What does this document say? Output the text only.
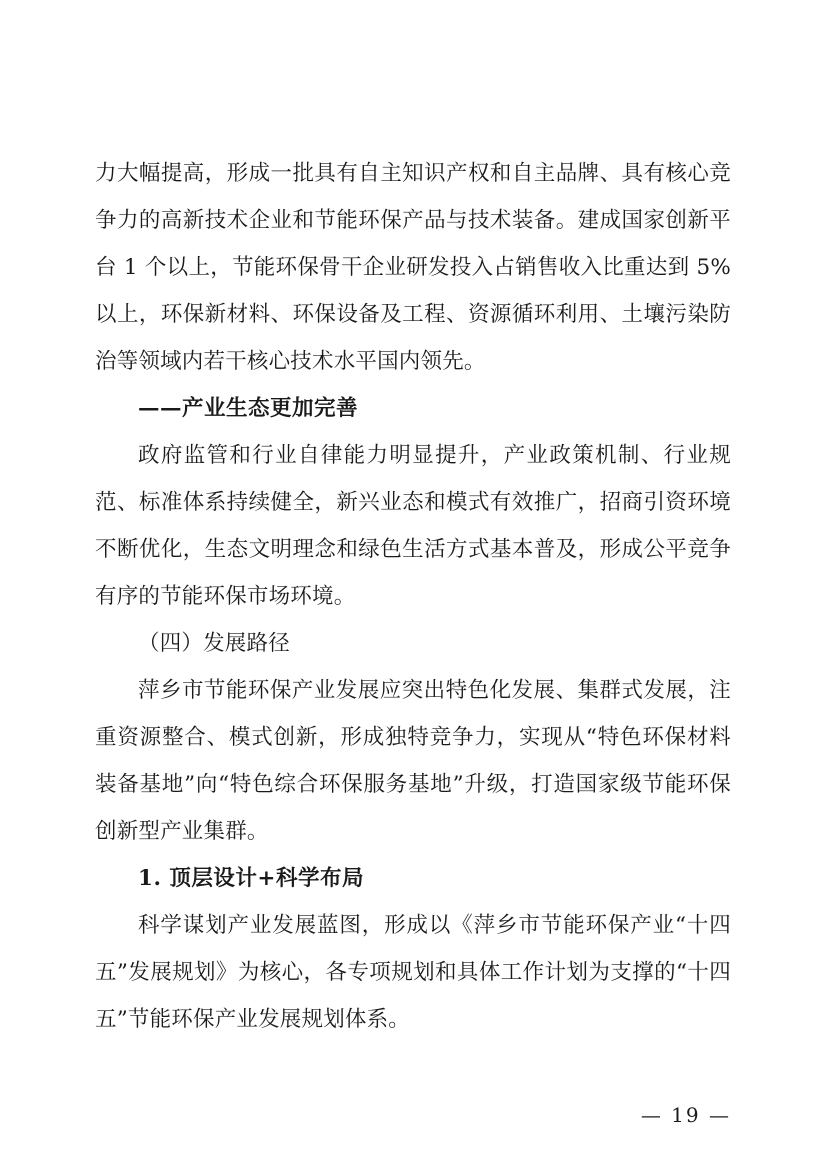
力大幅提高，形成一批具有自主知识产权和自主品牌、具有核心竞争力的高新技术企业和节能环保产品与技术装备。建成国家创新平台 1 个以上，节能环保骨干企业研发投入占销售收入比重达到 5%以上，环保新材料、环保设备及工程、资源循环利用、土壤污染防治等领域内若干核心技术水平国内领先。

——产业生态更加完善

政府监管和行业自律能力明显提升，产业政策机制、行业规范、标准体系持续健全，新兴业态和模式有效推广，招商引资环境不断优化，生态文明理念和绿色生活方式基本普及，形成公平竞争有序的节能环保市场环境。

（四）发展路径

萍乡市节能环保产业发展应突出特色化发展、集群式发展，注重资源整合、模式创新，形成独特竞争力，实现从“特色环保材料装备基地”向“特色综合环保服务基地”升级，打造国家级节能环保创新型产业集群。

1. 顶层设计+科学布局

科学谋划产业发展蓝图，形成以《萍乡市节能环保产业“十四五”发展规划》为核心，各专项规划和具体工作计划为支撑的“十四五”节能环保产业发展规划体系。

— 19 —
